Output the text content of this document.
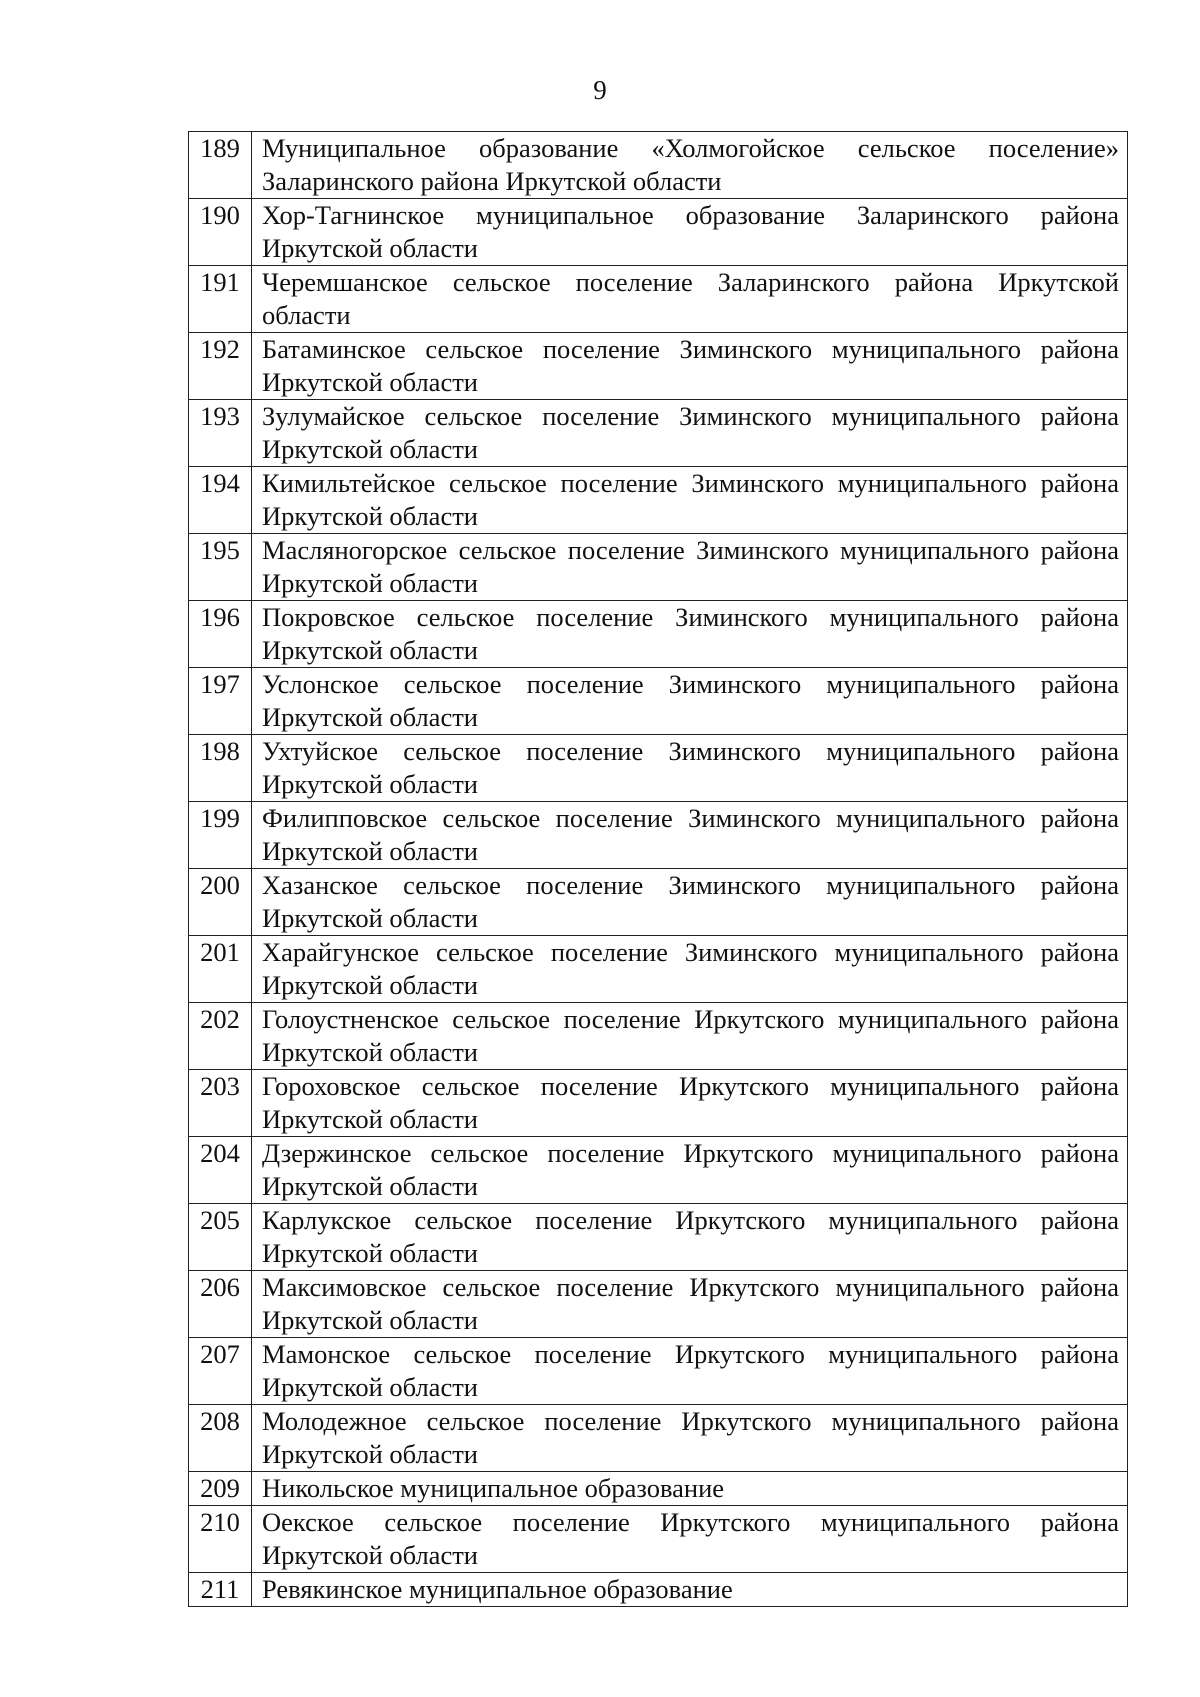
9
189	Муниципальное образование «Холмогойское сельское поселение» Заларинского района Иркутской области
190	Хор-Тагнинское муниципальное образование Заларинского района Иркутской области
191	Черемшанское сельское поселение Заларинского района Иркутской области
192	Батаминское сельское поселение Зиминского муниципального района Иркутской области
193	Зулумайское сельское поселение Зиминского муниципального района Иркутской области
194	Кимильтейское сельское поселение Зиминского муниципального района Иркутской области
195	Масляногорское сельское поселение Зиминского муниципального района Иркутской области
196	Покровское сельское поселение Зиминского муниципального района Иркутской области
197	Услонское сельское поселение Зиминского муниципального района Иркутской области
198	Ухтуйское сельское поселение Зиминского муниципального района Иркутской области
199	Филипповское сельское поселение Зиминского муниципального района Иркутской области
200	Хазанское сельское поселение Зиминского муниципального района Иркутской области
201	Харайгунское сельское поселение Зиминского муниципального района Иркутской области
202	Голоустненское сельское поселение Иркутского муниципального района Иркутской области
203	Гороховское сельское поселение Иркутского муниципального района Иркутской области
204	Дзержинское сельское поселение Иркутского муниципального района Иркутской области
205	Карлукское сельское поселение Иркутского муниципального района Иркутской области
206	Максимовское сельское поселение Иркутского муниципального района Иркутской области
207	Мамонское сельское поселение Иркутского муниципального района Иркутской области
208	Молодежное сельское поселение Иркутского муниципального района Иркутской области
209	Никольское муниципальное образование
210	Оекское сельское поселение Иркутского муниципального района Иркутской области
211	Ревякинское муниципальное образование
